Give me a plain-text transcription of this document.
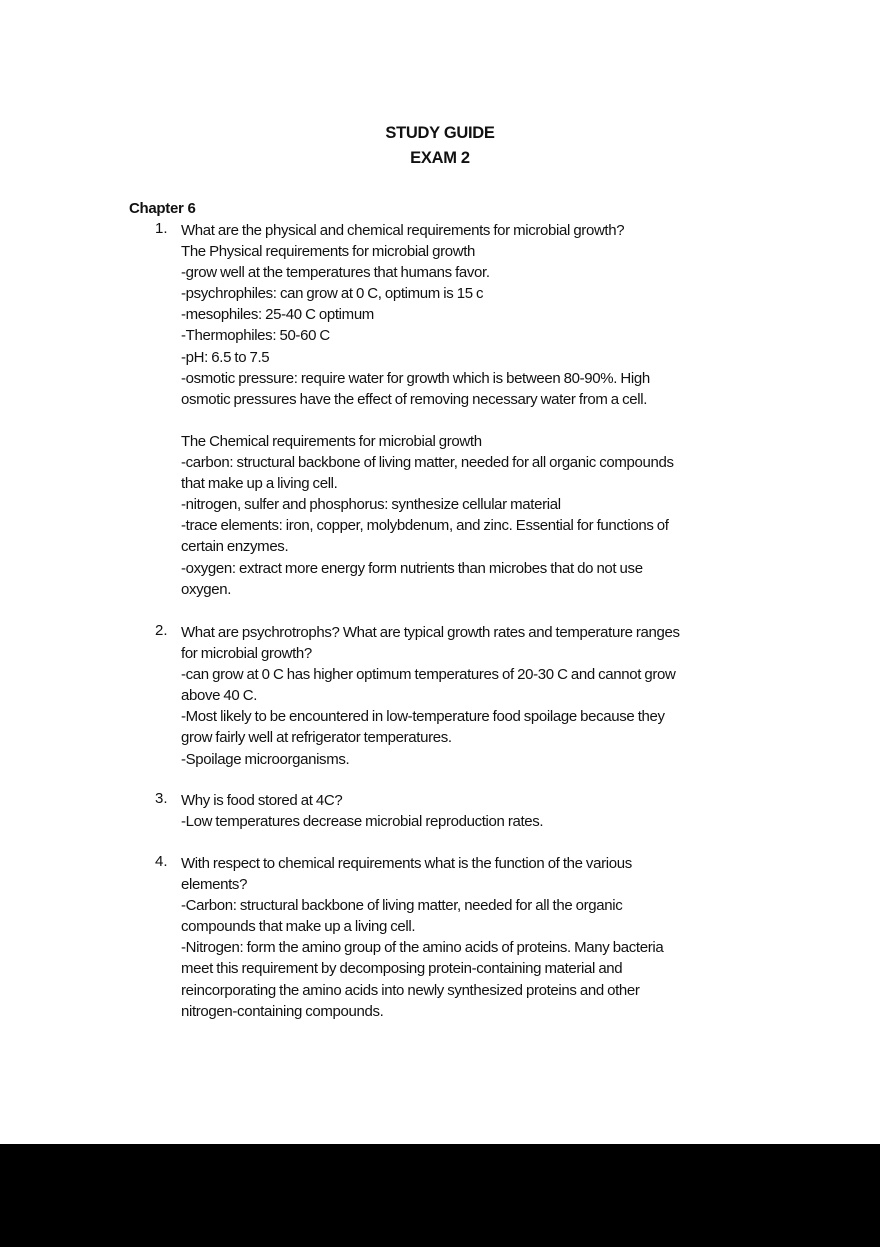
STUDY GUIDE
EXAM 2
Chapter 6
1. What are the physical and chemical requirements for microbial growth?
The Physical requirements for microbial growth
-grow well at the temperatures that humans favor.
-psychrophiles: can grow at 0 C, optimum is 15 c
-mesophiles: 25-40 C optimum
-Thermophiles: 50-60 C
-pH: 6.5 to 7.5
-osmotic pressure: require water for growth which is between 80-90%. High
osmotic pressures have the effect of removing necessary water from a cell.
The Chemical requirements for microbial growth
-carbon: structural backbone of living matter, needed for all organic compounds
that make up a living cell.
-nitrogen, sulfer and phosphorus: synthesize cellular material
-trace elements: iron, copper, molybdenum, and zinc. Essential for functions of
certain enzymes.
-oxygen: extract more energy form nutrients than microbes that do not use
oxygen.
2. What are psychrotrophs? What are typical growth rates and temperature ranges
for microbial growth?
-can grow at 0 C has higher optimum temperatures of 20-30 C and cannot grow
above 40 C.
-Most likely to be encountered in low-temperature food spoilage because they
grow fairly well at refrigerator temperatures.
-Spoilage microorganisms.
3. Why is food stored at 4C?
-Low temperatures decrease microbial reproduction rates.
4. With respect to chemical requirements what is the function of the various
elements?
-Carbon: structural backbone of living matter, needed for all the organic
compounds that make up a living cell.
-Nitrogen: form the amino group of the amino acids of proteins. Many bacteria
meet this requirement by decomposing protein-containing material and
reincorporating the amino acids into newly synthesized proteins and other
nitrogen-containing compounds.
